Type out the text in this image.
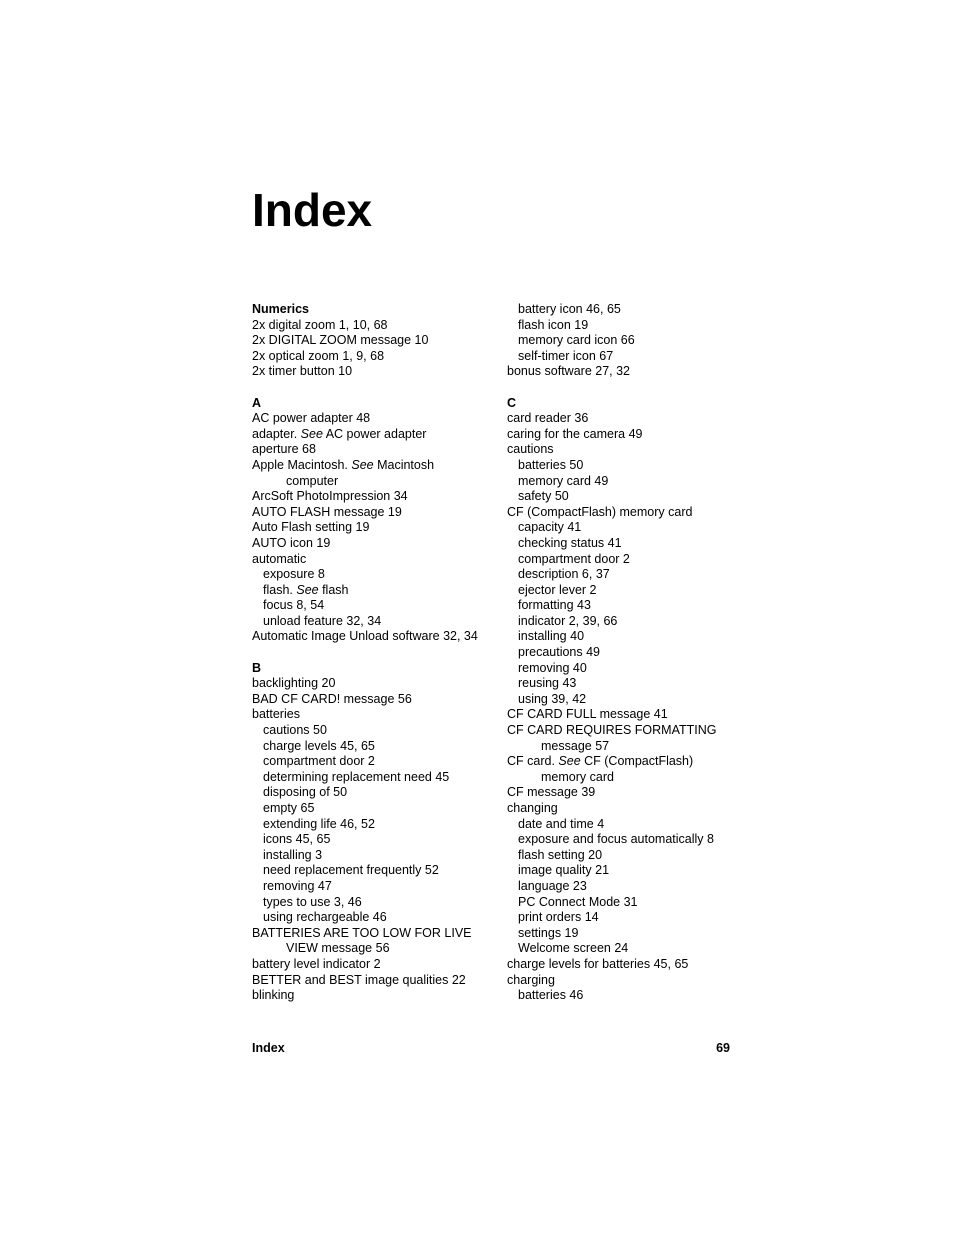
Index
Numerics
2x digital zoom 1, 10, 68
2x DIGITAL ZOOM message 10
2x optical zoom 1, 9, 68
2x timer button 10
A
AC power adapter 48
adapter. See AC power adapter
aperture 68
Apple Macintosh. See Macintosh
computer
ArcSoft PhotoImpression 34
AUTO FLASH message 19
Auto Flash setting 19
AUTO icon 19
automatic
exposure 8
flash. See flash
focus 8, 54
unload feature 32, 34
Automatic Image Unload software 32, 34
B
backlighting 20
BAD CF CARD! message 56
batteries
cautions 50
charge levels 45, 65
compartment door 2
determining replacement need 45
disposing of 50
empty 65
extending life 46, 52
icons 45, 65
installing 3
need replacement frequently 52
removing 47
types to use 3, 46
using rechargeable 46
BATTERIES ARE TOO LOW FOR LIVE
VIEW message 56
battery level indicator 2
BETTER and BEST image qualities 22
blinking
battery icon 46, 65
flash icon 19
memory card icon 66
self-timer icon 67
bonus software 27, 32
C
card reader 36
caring for the camera 49
cautions
batteries 50
memory card 49
safety 50
CF (CompactFlash) memory card
capacity 41
checking status 41
compartment door 2
description 6, 37
ejector lever 2
formatting 43
indicator 2, 39, 66
installing 40
precautions 49
removing 40
reusing 43
using 39, 42
CF CARD FULL message 41
CF CARD REQUIRES FORMATTING
message 57
CF card. See CF (CompactFlash)
memory card
CF message 39
changing
date and time 4
exposure and focus automatically 8
flash setting 20
image quality 21
language 23
PC Connect Mode 31
print orders 14
settings 19
Welcome screen 24
charge levels for batteries 45, 65
charging
batteries 46
Index	69
